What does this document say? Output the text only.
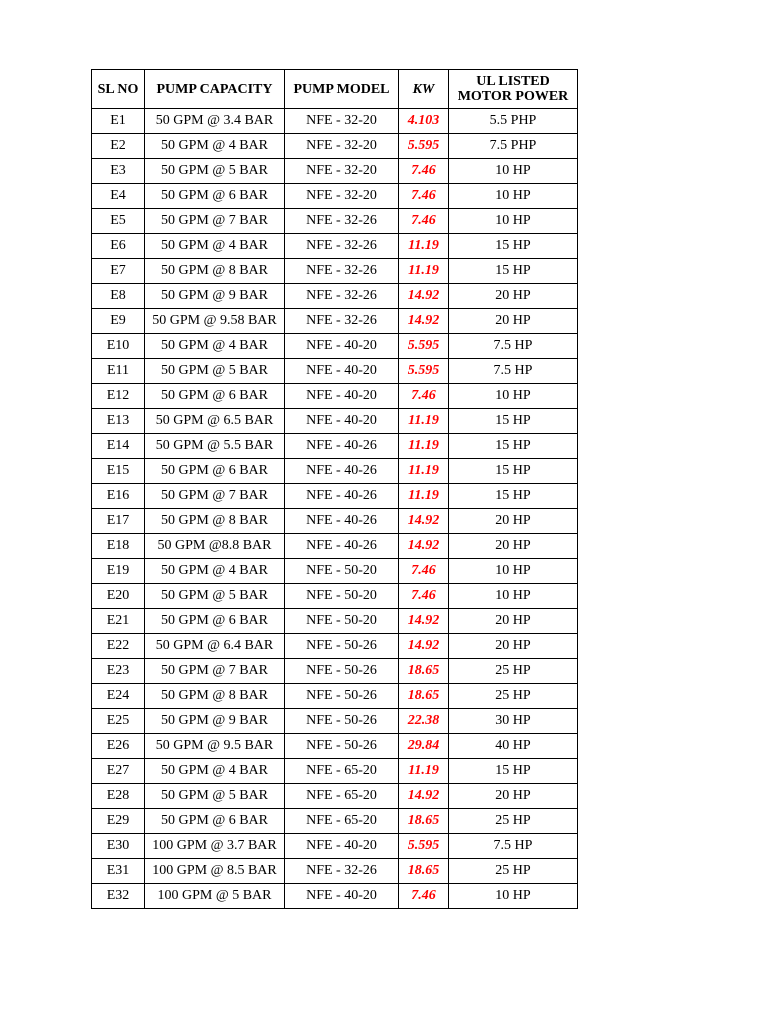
SL NO	PUMP CAPACITY	PUMP MODEL	KW	UL LISTED MOTOR POWER
E1	50 GPM @ 3.4 BAR	NFE - 32-20	4.103	5.5 PHP
E2	50 GPM @ 4 BAR	NFE - 32-20	5.595	7.5 PHP
E3	50 GPM @ 5 BAR	NFE - 32-20	7.46	10 HP
E4	50 GPM @ 6 BAR	NFE - 32-20	7.46	10 HP
E5	50 GPM @ 7 BAR	NFE - 32-26	7.46	10 HP
E6	50 GPM @ 4 BAR	NFE - 32-26	11.19	15 HP
E7	50 GPM @ 8 BAR	NFE - 32-26	11.19	15 HP
E8	50 GPM @ 9 BAR	NFE - 32-26	14.92	20 HP
E9	50 GPM @ 9.58 BAR	NFE - 32-26	14.92	20 HP
E10	50 GPM @ 4 BAR	NFE - 40-20	5.595	7.5 HP
E11	50 GPM @ 5 BAR	NFE - 40-20	5.595	7.5 HP
E12	50 GPM @ 6 BAR	NFE - 40-20	7.46	10 HP
E13	50 GPM @ 6.5 BAR	NFE - 40-20	11.19	15 HP
E14	50 GPM @ 5.5 BAR	NFE - 40-26	11.19	15 HP
E15	50 GPM @ 6 BAR	NFE - 40-26	11.19	15 HP
E16	50 GPM @ 7 BAR	NFE - 40-26	11.19	15 HP
E17	50 GPM @ 8 BAR	NFE - 40-26	14.92	20 HP
E18	50 GPM @8.8 BAR	NFE - 40-26	14.92	20 HP
E19	50 GPM @ 4 BAR	NFE - 50-20	7.46	10 HP
E20	50 GPM @ 5 BAR	NFE - 50-20	7.46	10 HP
E21	50 GPM @ 6 BAR	NFE - 50-20	14.92	20 HP
E22	50 GPM @ 6.4 BAR	NFE - 50-26	14.92	20 HP
E23	50 GPM @ 7 BAR	NFE - 50-26	18.65	25 HP
E24	50 GPM @ 8 BAR	NFE - 50-26	18.65	25 HP
E25	50 GPM @ 9 BAR	NFE - 50-26	22.38	30 HP
E26	50 GPM @ 9.5 BAR	NFE - 50-26	29.84	40 HP
E27	50 GPM @ 4 BAR	NFE - 65-20	11.19	15 HP
E28	50 GPM @ 5 BAR	NFE - 65-20	14.92	20 HP
E29	50 GPM @ 6 BAR	NFE - 65-20	18.65	25 HP
E30	100 GPM @ 3.7 BAR	NFE - 40-20	5.595	7.5 HP
E31	100 GPM @ 8.5 BAR	NFE - 32-26	18.65	25 HP
E32	100 GPM @ 5 BAR	NFE - 40-20	7.46	10 HP
